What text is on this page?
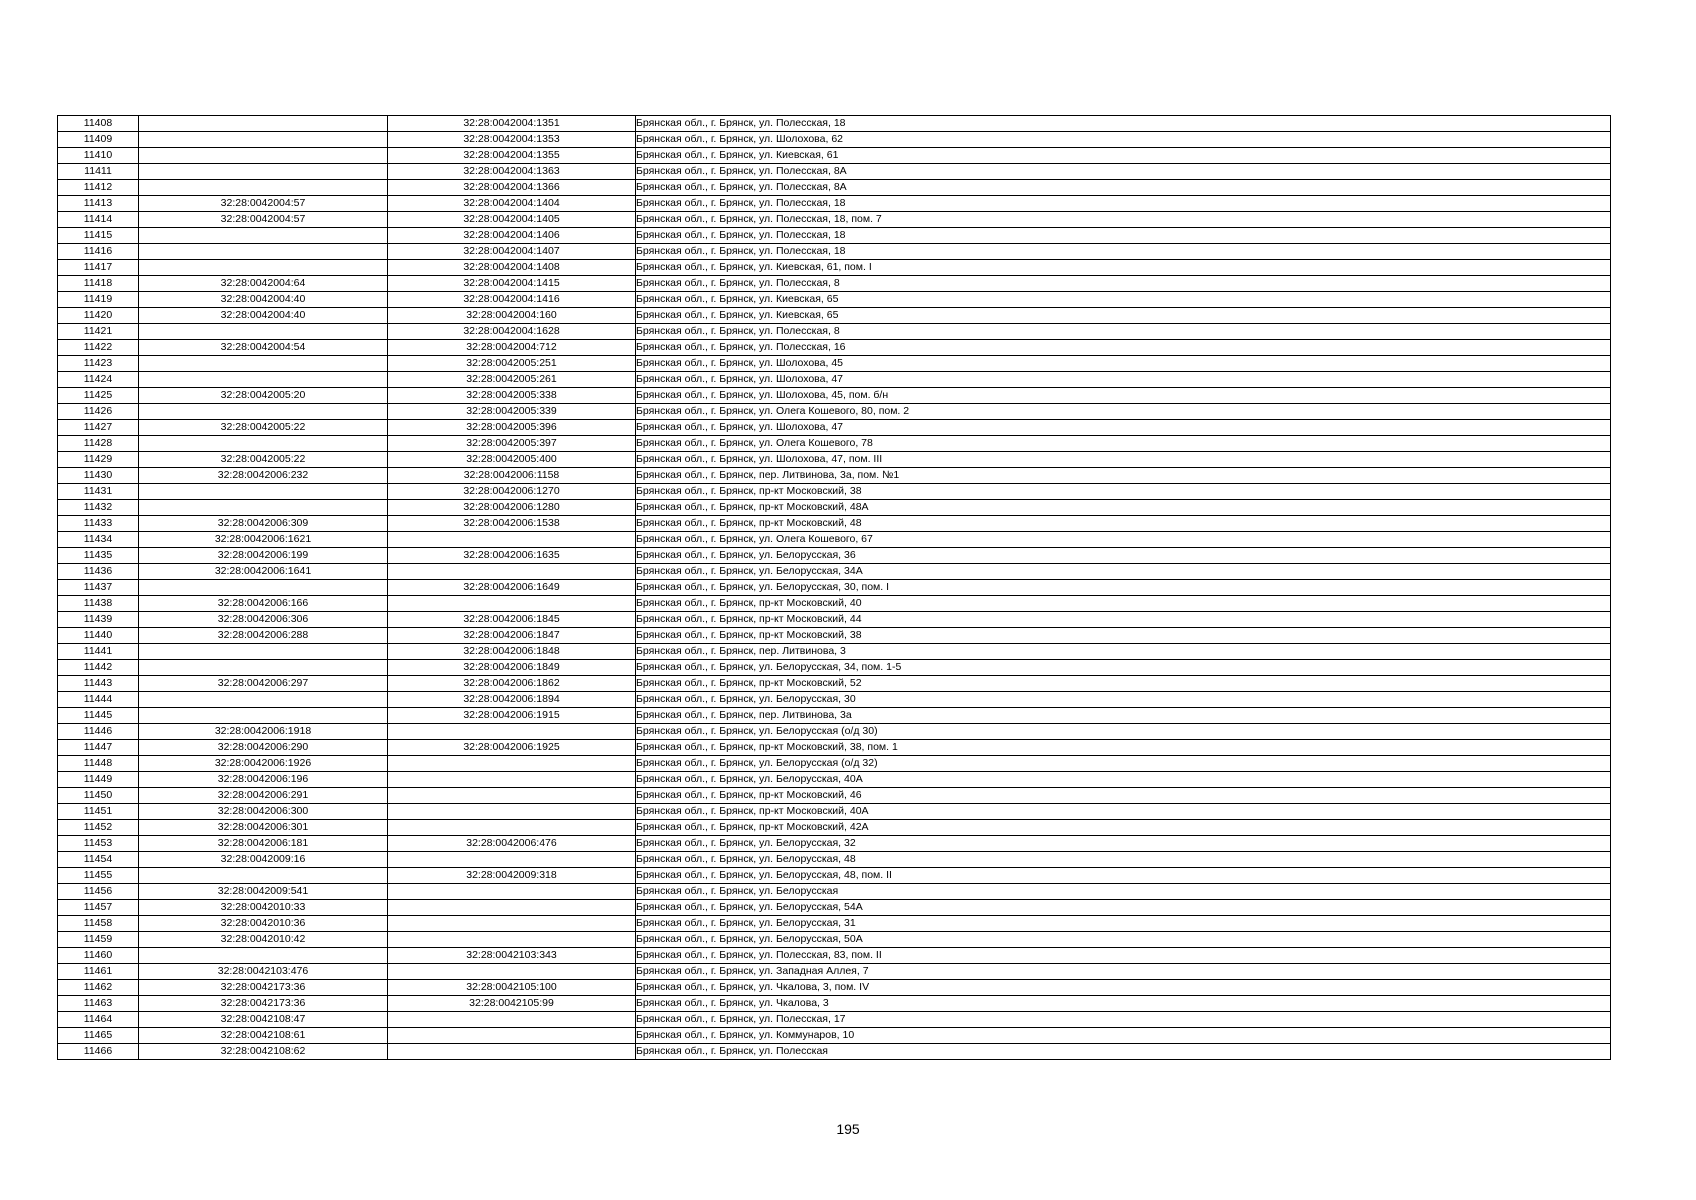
11408		32:28:0042004:1351	Брянская обл., г. Брянск, ул. Полесская, 18
11409		32:28:0042004:1353	Брянская обл., г. Брянск, ул. Шолохова, 62
11410		32:28:0042004:1355	Брянская обл., г. Брянск, ул. Киевская, 61
11411		32:28:0042004:1363	Брянская обл., г. Брянск, ул. Полесская, 8А
11412		32:28:0042004:1366	Брянская обл., г. Брянск, ул. Полесская, 8А
11413	32:28:0042004:57	32:28:0042004:1404	Брянская обл., г. Брянск, ул. Полесская, 18
11414	32:28:0042004:57	32:28:0042004:1405	Брянская обл., г. Брянск, ул. Полесская, 18, пом. 7
11415		32:28:0042004:1406	Брянская обл., г. Брянск, ул. Полесская, 18
11416		32:28:0042004:1407	Брянская обл., г. Брянск, ул. Полесская, 18
11417		32:28:0042004:1408	Брянская обл., г. Брянск, ул. Киевская, 61, пом. I
11418	32:28:0042004:64	32:28:0042004:1415	Брянская обл., г. Брянск, ул. Полесская, 8
11419	32:28:0042004:40	32:28:0042004:1416	Брянская обл., г. Брянск, ул. Киевская, 65
11420	32:28:0042004:40	32:28:0042004:160	Брянская обл., г. Брянск, ул. Киевская, 65
11421		32:28:0042004:1628	Брянская обл., г. Брянск, ул. Полесская, 8
11422	32:28:0042004:54	32:28:0042004:712	Брянская обл., г. Брянск, ул. Полесская, 16
11423		32:28:0042005:251	Брянская обл., г. Брянск, ул. Шолохова, 45
11424		32:28:0042005:261	Брянская обл., г. Брянск, ул. Шолохова, 47
11425	32:28:0042005:20	32:28:0042005:338	Брянская обл., г. Брянск, ул. Шолохова, 45, пом. б/н
11426		32:28:0042005:339	Брянская обл., г. Брянск, ул. Олега Кошевого, 80, пом. 2
11427	32:28:0042005:22	32:28:0042005:396	Брянская обл., г. Брянск, ул. Шолохова, 47
11428		32:28:0042005:397	Брянская обл., г. Брянск, ул. Олега Кошевого, 78
11429	32:28:0042005:22	32:28:0042005:400	Брянская обл., г. Брянск, ул. Шолохова, 47, пом. III
11430	32:28:0042006:232	32:28:0042006:1158	Брянская обл., г. Брянск, пер. Литвинова, 3а, пом. №1
11431		32:28:0042006:1270	Брянская обл., г. Брянск, пр-кт Московский, 38
11432		32:28:0042006:1280	Брянская обл., г. Брянск, пр-кт Московский, 48А
11433	32:28:0042006:309	32:28:0042006:1538	Брянская обл., г. Брянск, пр-кт Московский, 48
11434	32:28:0042006:1621		Брянская обл., г. Брянск, ул. Олега Кошевого, 67
11435	32:28:0042006:199	32:28:0042006:1635	Брянская обл., г. Брянск, ул. Белорусская, 36
11436	32:28:0042006:1641		Брянская обл., г. Брянск, ул. Белорусская, 34А
11437		32:28:0042006:1649	Брянская обл., г. Брянск, ул. Белорусская, 30, пом. I
11438	32:28:0042006:166		Брянская обл., г. Брянск, пр-кт Московский, 40
11439	32:28:0042006:306	32:28:0042006:1845	Брянская обл., г. Брянск, пр-кт Московский, 44
11440	32:28:0042006:288	32:28:0042006:1847	Брянская обл., г. Брянск, пр-кт Московский, 38
11441		32:28:0042006:1848	Брянская обл., г. Брянск, пер. Литвинова, 3
11442		32:28:0042006:1849	Брянская обл., г. Брянск, ул. Белорусская, 34, пом. 1-5
11443	32:28:0042006:297	32:28:0042006:1862	Брянская обл., г. Брянск, пр-кт Московский, 52
11444		32:28:0042006:1894	Брянская обл., г. Брянск, ул. Белорусская, 30
11445		32:28:0042006:1915	Брянская обл., г. Брянск, пер. Литвинова, 3а
11446	32:28:0042006:1918		Брянская обл., г. Брянск, ул. Белорусская (о/д 30)
11447	32:28:0042006:290	32:28:0042006:1925	Брянская обл., г. Брянск, пр-кт Московский, 38, пом. 1
11448	32:28:0042006:1926		Брянская обл., г. Брянск, ул. Белорусская (о/д 32)
11449	32:28:0042006:196		Брянская обл., г. Брянск, ул. Белорусская, 40А
11450	32:28:0042006:291		Брянская обл., г. Брянск, пр-кт Московский, 46
11451	32:28:0042006:300		Брянская обл., г. Брянск, пр-кт Московский, 40А
11452	32:28:0042006:301		Брянская обл., г. Брянск, пр-кт Московский, 42А
11453	32:28:0042006:181	32:28:0042006:476	Брянская обл., г. Брянск, ул. Белорусская, 32
11454	32:28:0042009:16		Брянская обл., г. Брянск, ул. Белорусская, 48
11455		32:28:0042009:318	Брянская обл., г. Брянск, ул. Белорусская, 48, пом. II
11456	32:28:0042009:541		Брянская обл., г. Брянск, ул. Белорусская
11457	32:28:0042010:33		Брянская обл., г. Брянск, ул. Белорусская, 54А
11458	32:28:0042010:36		Брянская обл., г. Брянск, ул. Белорусская, 31
11459	32:28:0042010:42		Брянская обл., г. Брянск, ул. Белорусская, 50А
11460		32:28:0042103:343	Брянская обл., г. Брянск, ул. Полесская, 83, пом. II
11461	32:28:0042103:476		Брянская обл., г. Брянск, ул. Западная Аллея, 7
11462	32:28:0042173:36	32:28:0042105:100	Брянская обл., г. Брянск, ул. Чкалова, 3, пом. IV
11463	32:28:0042173:36	32:28:0042105:99	Брянская обл., г. Брянск, ул. Чкалова, 3
11464	32:28:0042108:47		Брянская обл., г. Брянск, ул. Полесская, 17
11465	32:28:0042108:61		Брянская обл., г. Брянск, ул. Коммунаров, 10
11466	32:28:0042108:62		Брянская обл., г. Брянск, ул. Полесская
195
